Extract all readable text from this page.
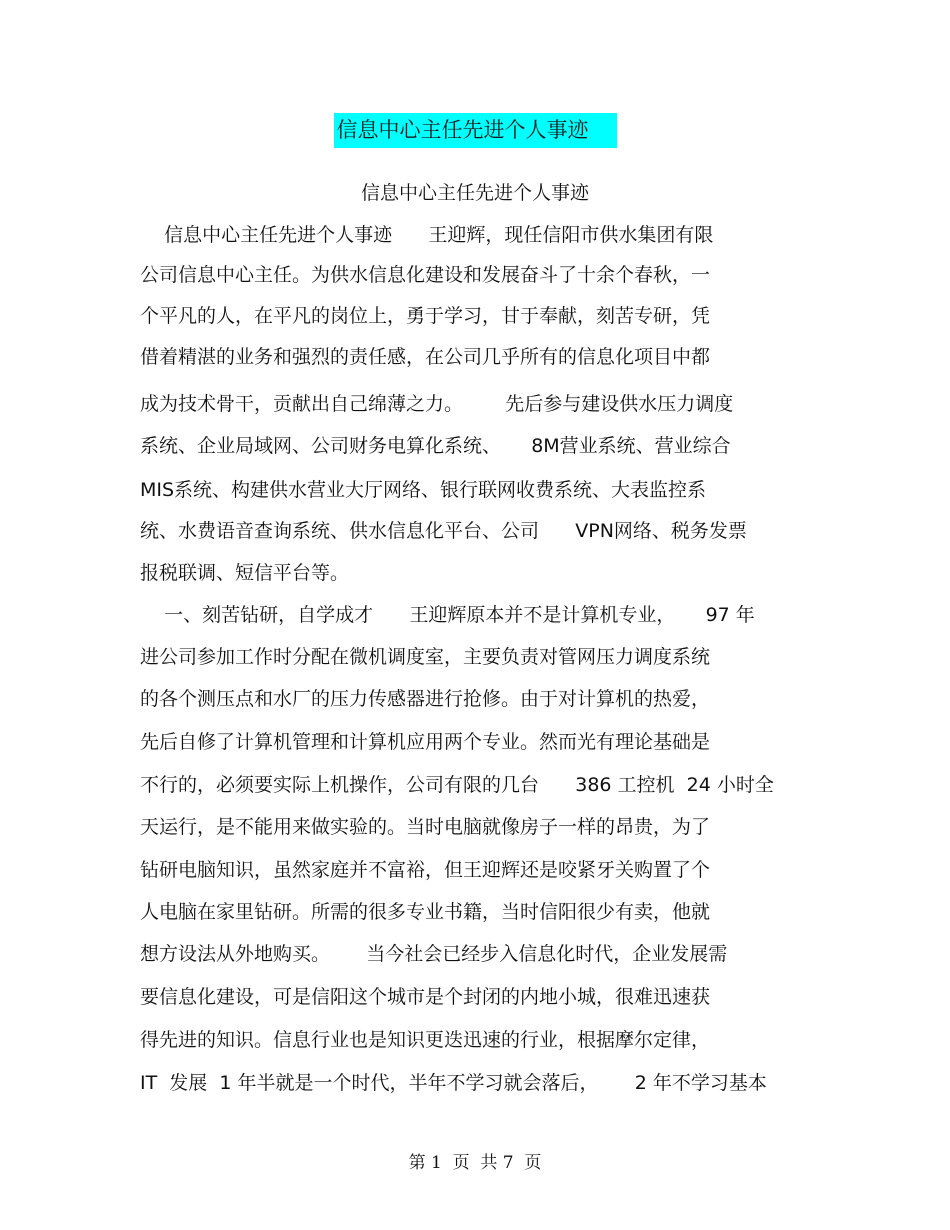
信息中心主任先进个人事迹
信息中心主任先进个人事迹
信息中心主任先进个人事迹      王迎辉，现任信阳市供水集团有限
公司信息中心主任。为供水信息化建设和发展奋斗了十余个春秋，一
个平凡的人，在平凡的岗位上，勇于学习，甘于奉献，刻苦专研，凭
借着精湛的业务和强烈的责任感，在公司几乎所有的信息化项目中都
成为技术骨干，贡献出自己绵薄之力。       先后参与建设供水压力调度
系统、企业局域网、公司财务电算化系统、     8M营业系统、营业综合
MIS系统、构建供水营业大厅网络、银行联网收费系统、大表监控系
统、水费语音查询系统、供水信息化平台、公司      VPN网络、税务发票
报税联调、短信平台等。
一、刻苦钻研，自学成才      王迎辉原本并不是计算机专业，     97 年
进公司参加工作时分配在微机调度室，主要负责对管网压力调度系统
的各个测压点和水厂的压力传感器进行抢修。由于对计算机的热爱，
先后自修了计算机管理和计算机应用两个专业。然而光有理论基础是
不行的，必须要实际上机操作，公司有限的几台      386 工控机  24 小时全
天运行，是不能用来做实验的。当时电脑就像房子一样的昂贵，为了
钻研电脑知识，虽然家庭并不富裕，但王迎辉还是咬紧牙关购置了个
人电脑在家里钻研。所需的很多专业书籍，当时信阳很少有卖，他就
想方设法从外地购买。      当今社会已经步入信息化时代，企业发展需
要信息化建设，可是信阳这个城市是个封闭的内地小城，很难迅速获
得先进的知识。信息行业也是知识更迭迅速的行业，根据摩尔定律，
IT  发展  1 年半就是一个时代，半年不学习就会落后，      2 年不学习基本
第 1  页  共 7  页
